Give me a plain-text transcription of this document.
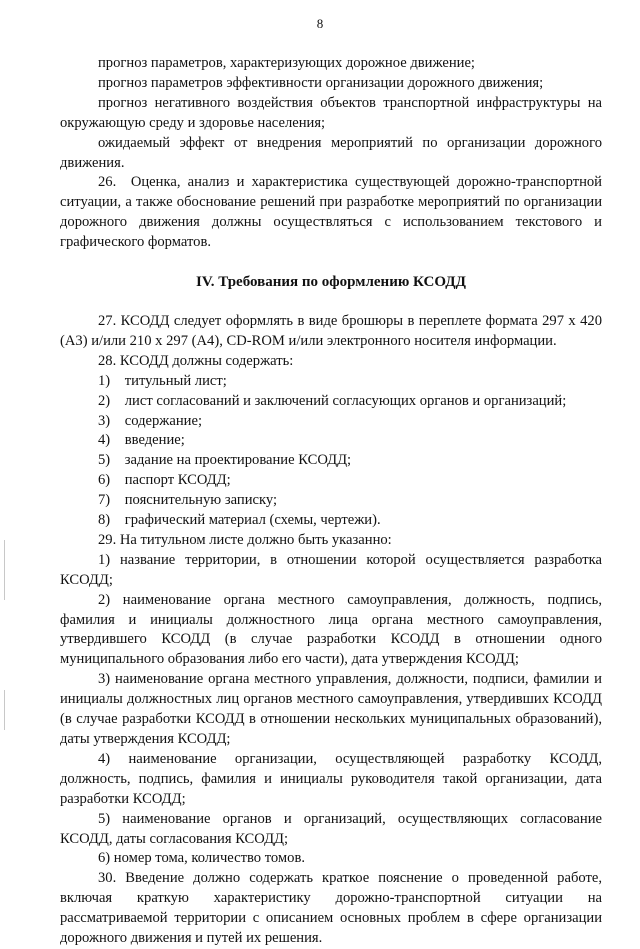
8

прогноз параметров, характеризующих дорожное движение;

прогноз параметров эффективности организации дорожного движения;

прогноз негативного воздействия объектов транспортной инфраструктуры на окружающую среду и здоровье населения;

ожидаемый эффект от внедрения мероприятий по организации дорожного движения.

26. Оценка, анализ и характеристика существующей дорожно-транспортной ситуации, а также обоснование решений при разработке мероприятий по организации дорожного движения должны осуществляться с использованием текстового и графического форматов.

IV. Требования по оформлению КСОДД

27. КСОДД следует оформлять в виде брошюры в переплете формата 297 х 420 (А3) и/или 210 х 297 (А4), CD-ROM и/или электронного носителя информации.

28. КСОДД должны содержать:

1) титульный лист;

2) лист согласований и заключений согласующих органов и организаций;

3) содержание;

4) введение;

5) задание на проектирование КСОДД;

6) паспорт КСОДД;

7) пояснительную записку;

8) графический материал (схемы, чертежи).

29. На титульном листе должно быть указанно:

1) название территории, в отношении которой осуществляется разработка КСОДД;

2) наименование органа местного самоуправления, должность, подпись, фамилия и инициалы должностного лица органа местного самоуправления, утвердившего КСОДД (в случае разработки КСОДД в отношении одного муниципального образования либо его части), дата утверждения КСОДД;

3) наименование органа местного управления, должности, подписи, фамилии и инициалы должностных лиц органов местного самоуправления, утвердивших КСОДД (в случае разработки КСОДД в отношении нескольких муниципальных образований), даты утверждения КСОДД;

4) наименование организации, осуществляющей разработку КСОДД, должность, подпись, фамилия и инициалы руководителя такой организации, дата разработки КСОДД;

5) наименование органов и организаций, осуществляющих согласование КСОДД, даты согласования КСОДД;

6) номер тома, количество томов.

30. Введение должно содержать краткое пояснение о проведенной работе, включая краткую характеристику дорожно-транспортной ситуации на рассматриваемой территории с описанием основных проблем в сфере организации дорожного движения и путей их решения.
